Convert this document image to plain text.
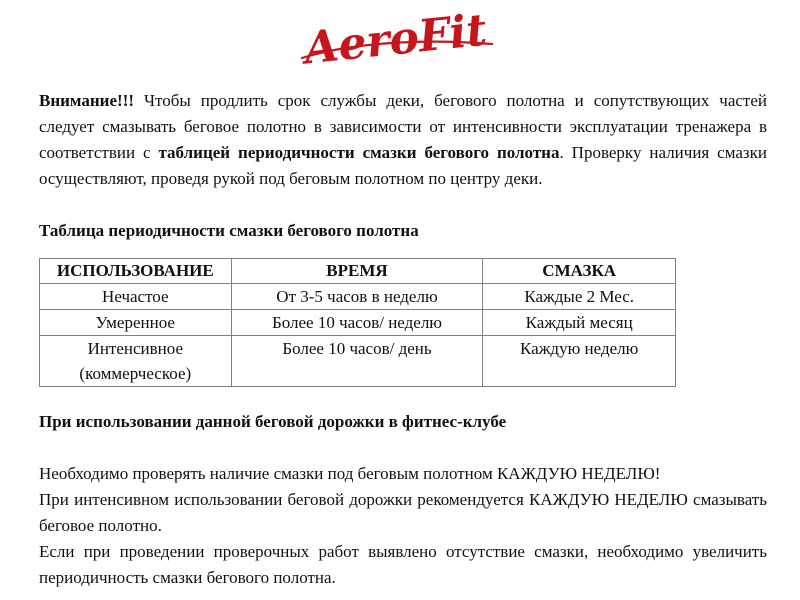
AeroFit

Внимание!!! Чтобы продлить срок службы деки, бегового полотна и сопутствующих частей следует смазывать беговое полотно в зависимости от интенсивности эксплуатации тренажера в соответствии с таблицей периодичности смазки бегового полотна. Проверку наличия смазки осуществляют, проведя рукой под беговым полотном по центру деки.

Таблица периодичности смазки бегового полотна

ИСПОЛЬЗОВАНИЕ	ВРЕМЯ	СМАЗКА
Нечастое	От 3-5 часов в неделю	Каждые 2 Мес.
Умеренное	Более 10 часов/ неделю	Каждый месяц
Интенсивное
(коммерческое)	Более 10 часов/ день	Каждую неделю

При использовании данной беговой дорожки в фитнес-клубе

Необходимо проверять наличие смазки под беговым полотном КАЖДУЮ НЕДЕЛЮ!

При интенсивном использовании беговой дорожки рекомендуется КАЖДУЮ НЕДЕЛЮ смазывать беговое полотно.

Если при проведении проверочных работ выявлено отсутствие смазки, необходимо увеличить периодичность смазки бегового полотна.
